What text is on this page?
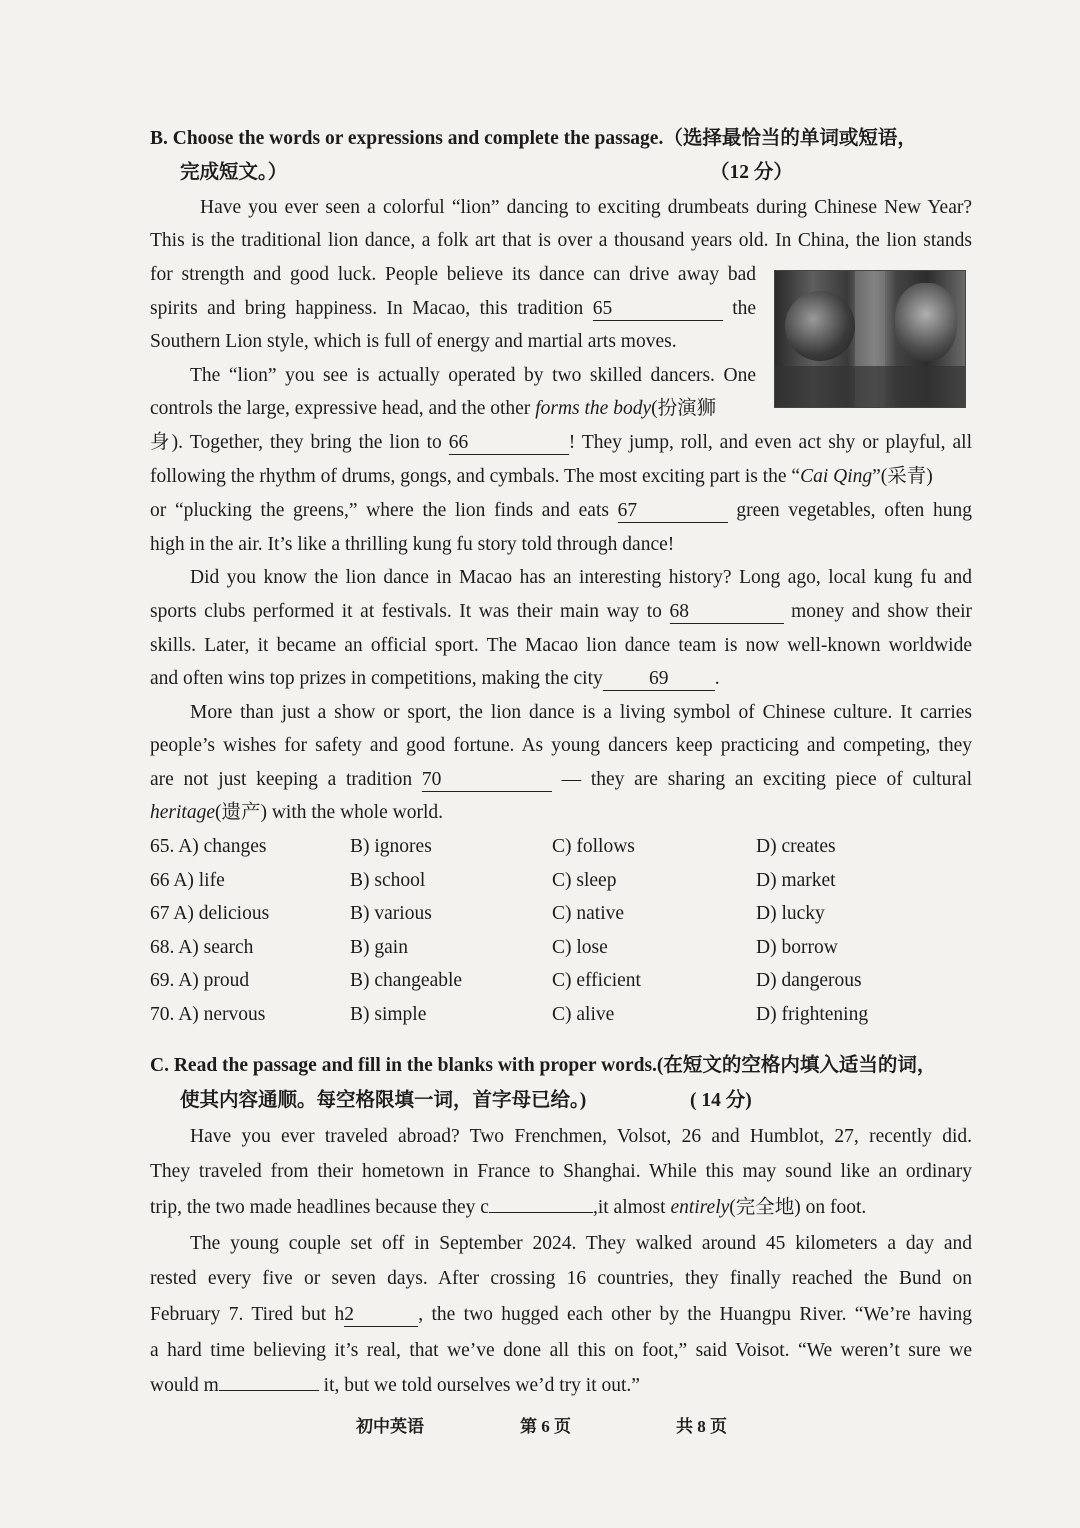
B. Choose the words or expressions and complete the passage.（选择最恰当的单词或短语，
完成短文。）	（12 分）
Have you ever seen a colorful “lion” dancing to exciting drumbeats during Chinese New Year?
This is the traditional lion dance, a folk art that is over a thousand years old. In China, the lion stands
for strength and good luck. People believe its dance can drive away bad
spirits and bring happiness. In Macao, this tradition 65	the
Southern Lion style, which is full of energy and martial arts moves.
The “lion” you see is actually operated by two skilled dancers. One
controls the large, expressive head, and the other forms the body(扮演狮
身). Together, they bring the lion to 66	! They jump, roll, and even act shy or playful, all
following the rhythm of drums, gongs, and cymbals. The most exciting part is the “Cai Qing”(采青)
or “plucking the greens,” where the lion finds and eats 67	green vegetables, often hung
high in the air. It’s like a thrilling kung fu story told through dance!
Did you know the lion dance in Macao has an interesting history? Long ago, local kung fu and
sports clubs performed it at festivals. It was their main way to 68	money and show their
skills. Later, it became an official sport. The Macao lion dance team is now well-known worldwide
and often wins top prizes in competitions, making the city 69 .
More than just a show or sport, the lion dance is a living symbol of Chinese culture. It carries
people’s wishes for safety and good fortune. As young dancers keep practicing and competing, they
are not just keeping a tradition 70	— they are sharing an exciting piece of cultural
heritage(遗产) with the whole world.
65. A) changes	B) ignores	C) follows	D) creates
66 A) life	B) school	C) sleep	D) market
67 A) delicious	B) various	C) native	D) lucky
68. A) search	B) gain	C) lose	D) borrow
69. A) proud	B) changeable	C) efficient	D) dangerous
70. A) nervous	B) simple	C) alive	D) frightening
C. Read the passage and fill in the blanks with proper words.(在短文的空格内填入适当的词，
使其内容通顺。每空格限填一词，首字母已给。)	( 14 分)
Have you ever traveled abroad? Two Frenchmen, Volsot, 26 and Humblot, 27, recently did.
They traveled from their hometown in France to Shanghai. While this may sound like an ordinary
trip, the two made headlines because they c	,it almost entirely(完全地) on foot.
The young couple set off in September 2024. They walked around 45 kilometers a day and
rested every five or seven days. After crossing 16 countries, they finally reached the Bund on
February 7. Tired but h2	, the two hugged each other by the Huangpu River. “We’re having
a hard time believing it’s real, that we’ve done all this on foot,” said Voisot. “We weren’t sure we
would m	it, but we told ourselves we’d try it out.”
初中英语	第 6 页	共 8 页
